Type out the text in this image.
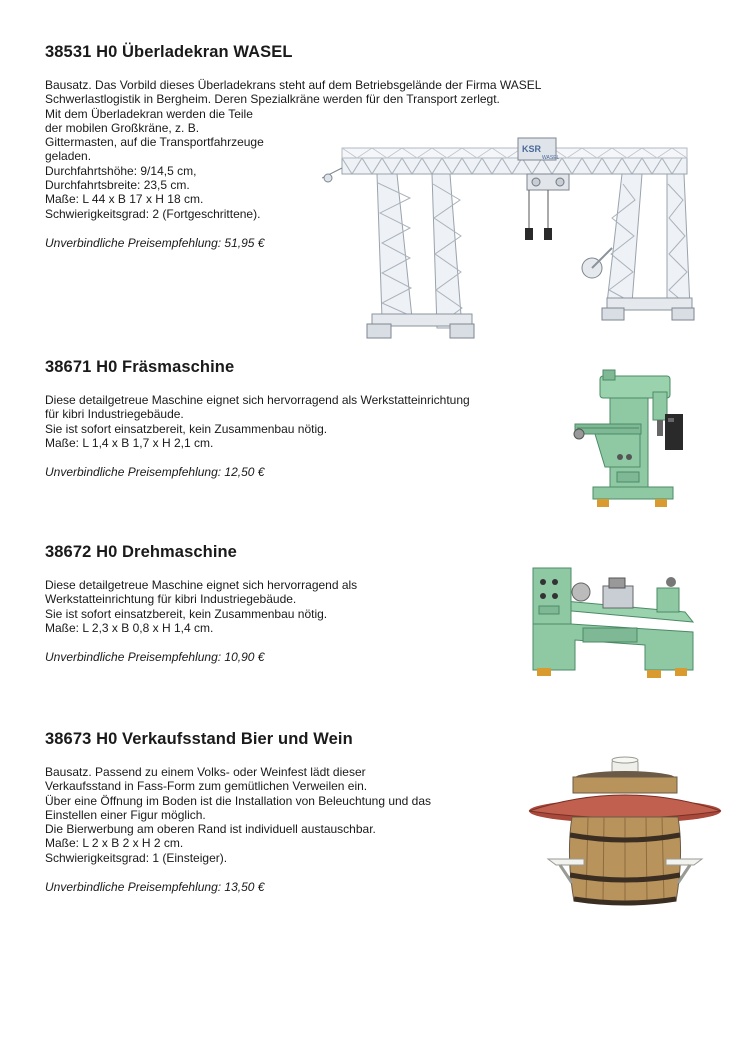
38531 H0 Überladekran WASEL
Bausatz. Das Vorbild dieses Überladekrans steht auf dem Betriebsgelände der Firma WASEL
Schwerlastlogistik in Bergheim. Deren Spezialkräne werden für den Transport zerlegt.
Mit dem Überladekran werden die Teile
der mobilen Großkräne, z. B.
Gittermasten, auf die Transportfahrzeuge
geladen.
Durchfahrtshöhe: 9/14,5 cm,
Durchfahrtsbreite: 23,5 cm.
Maße: L 44 x B 17 x H 18 cm.
Schwierigkeitsgrad: 2 (Fortgeschrittene).
Unverbindliche Preisempfehlung: 51,95 €
KSR
WASEL
38671 H0 Fräsmaschine
Diese detailgetreue Maschine eignet sich hervorragend als Werkstatteinrichtung
für kibri Industriegebäude.
Sie ist sofort einsatzbereit, kein Zusammenbau nötig.
Maße: L 1,4 x B 1,7 x H 2,1 cm.
Unverbindliche Preisempfehlung: 12,50 €
38672 H0 Drehmaschine
Diese detailgetreue Maschine eignet sich hervorragend als
Werkstatteinrichtung für kibri Industriegebäude.
Sie ist sofort einsatzbereit, kein Zusammenbau nötig.
Maße: L 2,3 x B 0,8 x H 1,4 cm.
Unverbindliche Preisempfehlung: 10,90 €
38673 H0 Verkaufsstand Bier und Wein
Bausatz. Passend zu einem Volks- oder Weinfest lädt dieser
Verkaufsstand in Fass-Form zum gemütlichen Verweilen ein.
Über eine Öffnung im Boden ist die Installation von Beleuchtung und das
Einstellen einer Figur möglich.
Die Bierwerbung am oberen Rand ist individuell austauschbar.
Maße: L 2 x B 2 x H 2 cm.
Schwierigkeitsgrad: 1 (Einsteiger).
Unverbindliche Preisempfehlung: 13,50 €
